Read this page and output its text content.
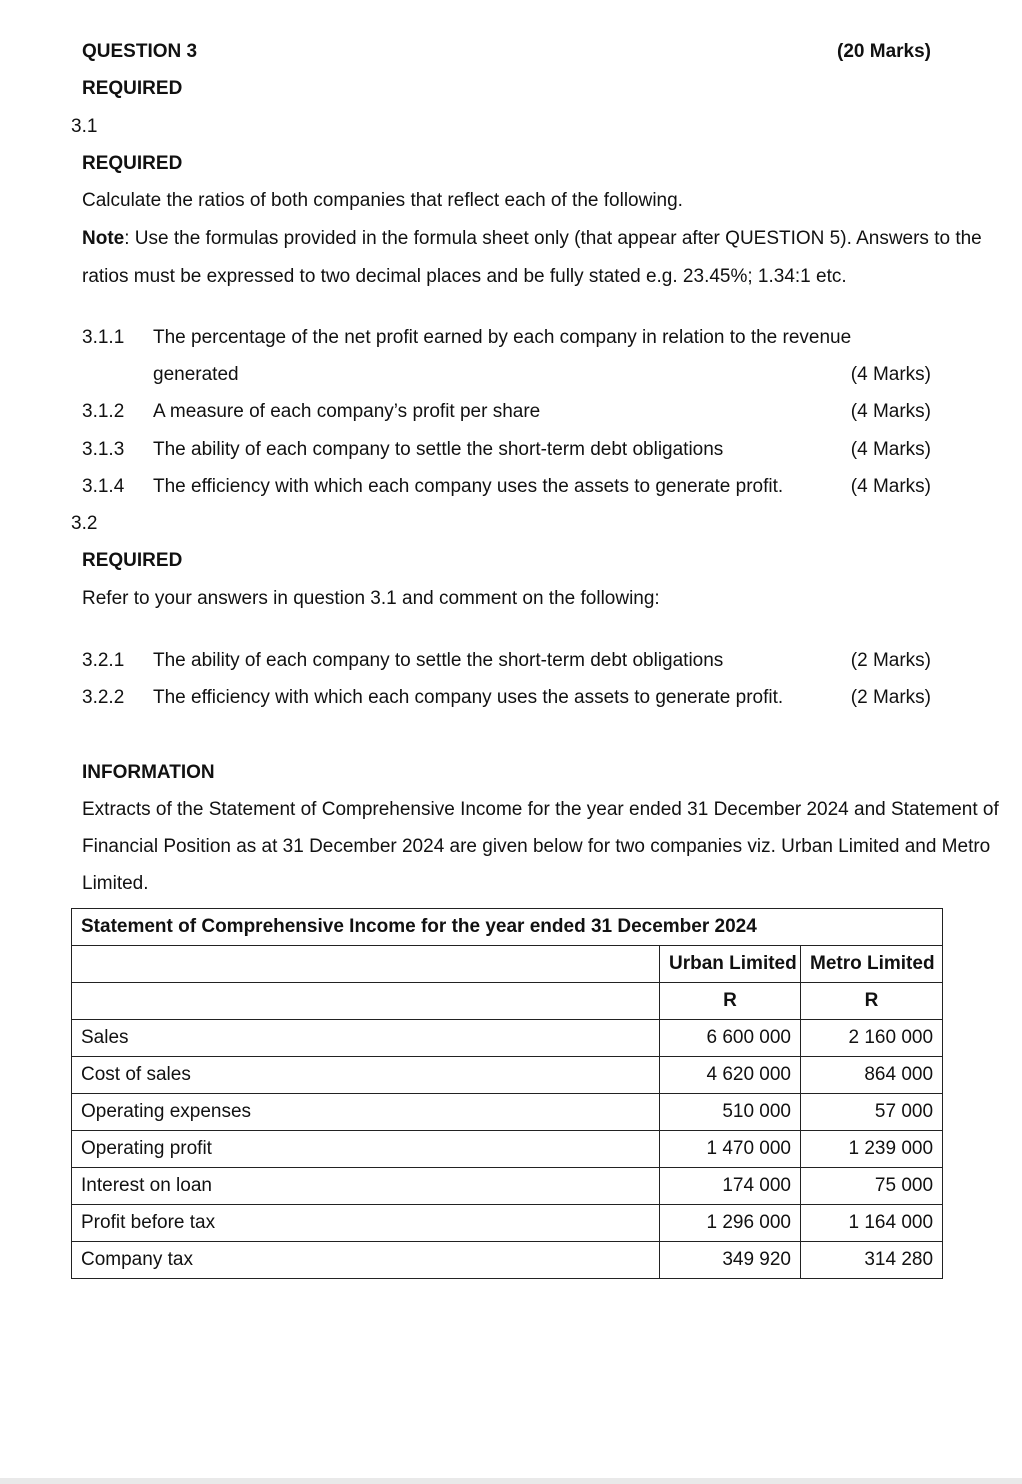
QUESTION 3	(20 Marks)
REQUIRED
3.1
REQUIRED
Calculate the ratios of both companies that reflect each of the following.
Note: Use the formulas provided in the formula sheet only (that appear after QUESTION 5). Answers to the
ratios must be expressed to two decimal places and be fully stated e.g. 23.45%; 1.34:1 etc.
3.1.1 The percentage of the net profit earned by each company in relation to the revenue
generated	(4 Marks)
3.1.2 A measure of each company’s profit per share	(4 Marks)
3.1.3 The ability of each company to settle the short-term debt obligations	(4 Marks)
3.1.4 The efficiency with which each company uses the assets to generate profit.	(4 Marks)
3.2
REQUIRED
Refer to your answers in question 3.1 and comment on the following:
3.2.1 The ability of each company to settle the short-term debt obligations	(2 Marks)
3.2.2 The efficiency with which each company uses the assets to generate profit.	(2 Marks)
INFORMATION
Extracts of the Statement of Comprehensive Income for the year ended 31 December 2024 and Statement of
Financial Position as at 31 December 2024 are given below for two companies viz. Urban Limited and Metro
Limited.
Statement of Comprehensive Income for the year ended 31 December 2024		
	Urban Limited	Metro Limited
	R	R
Sales	6 600 000	2 160 000
Cost of sales	4 620 000	864 000
Operating expenses	510 000	57 000
Operating profit	1 470 000	1 239 000
Interest on loan	174 000	75 000
Profit before tax	1 296 000	1 164 000
Company tax	349 920	314 280
